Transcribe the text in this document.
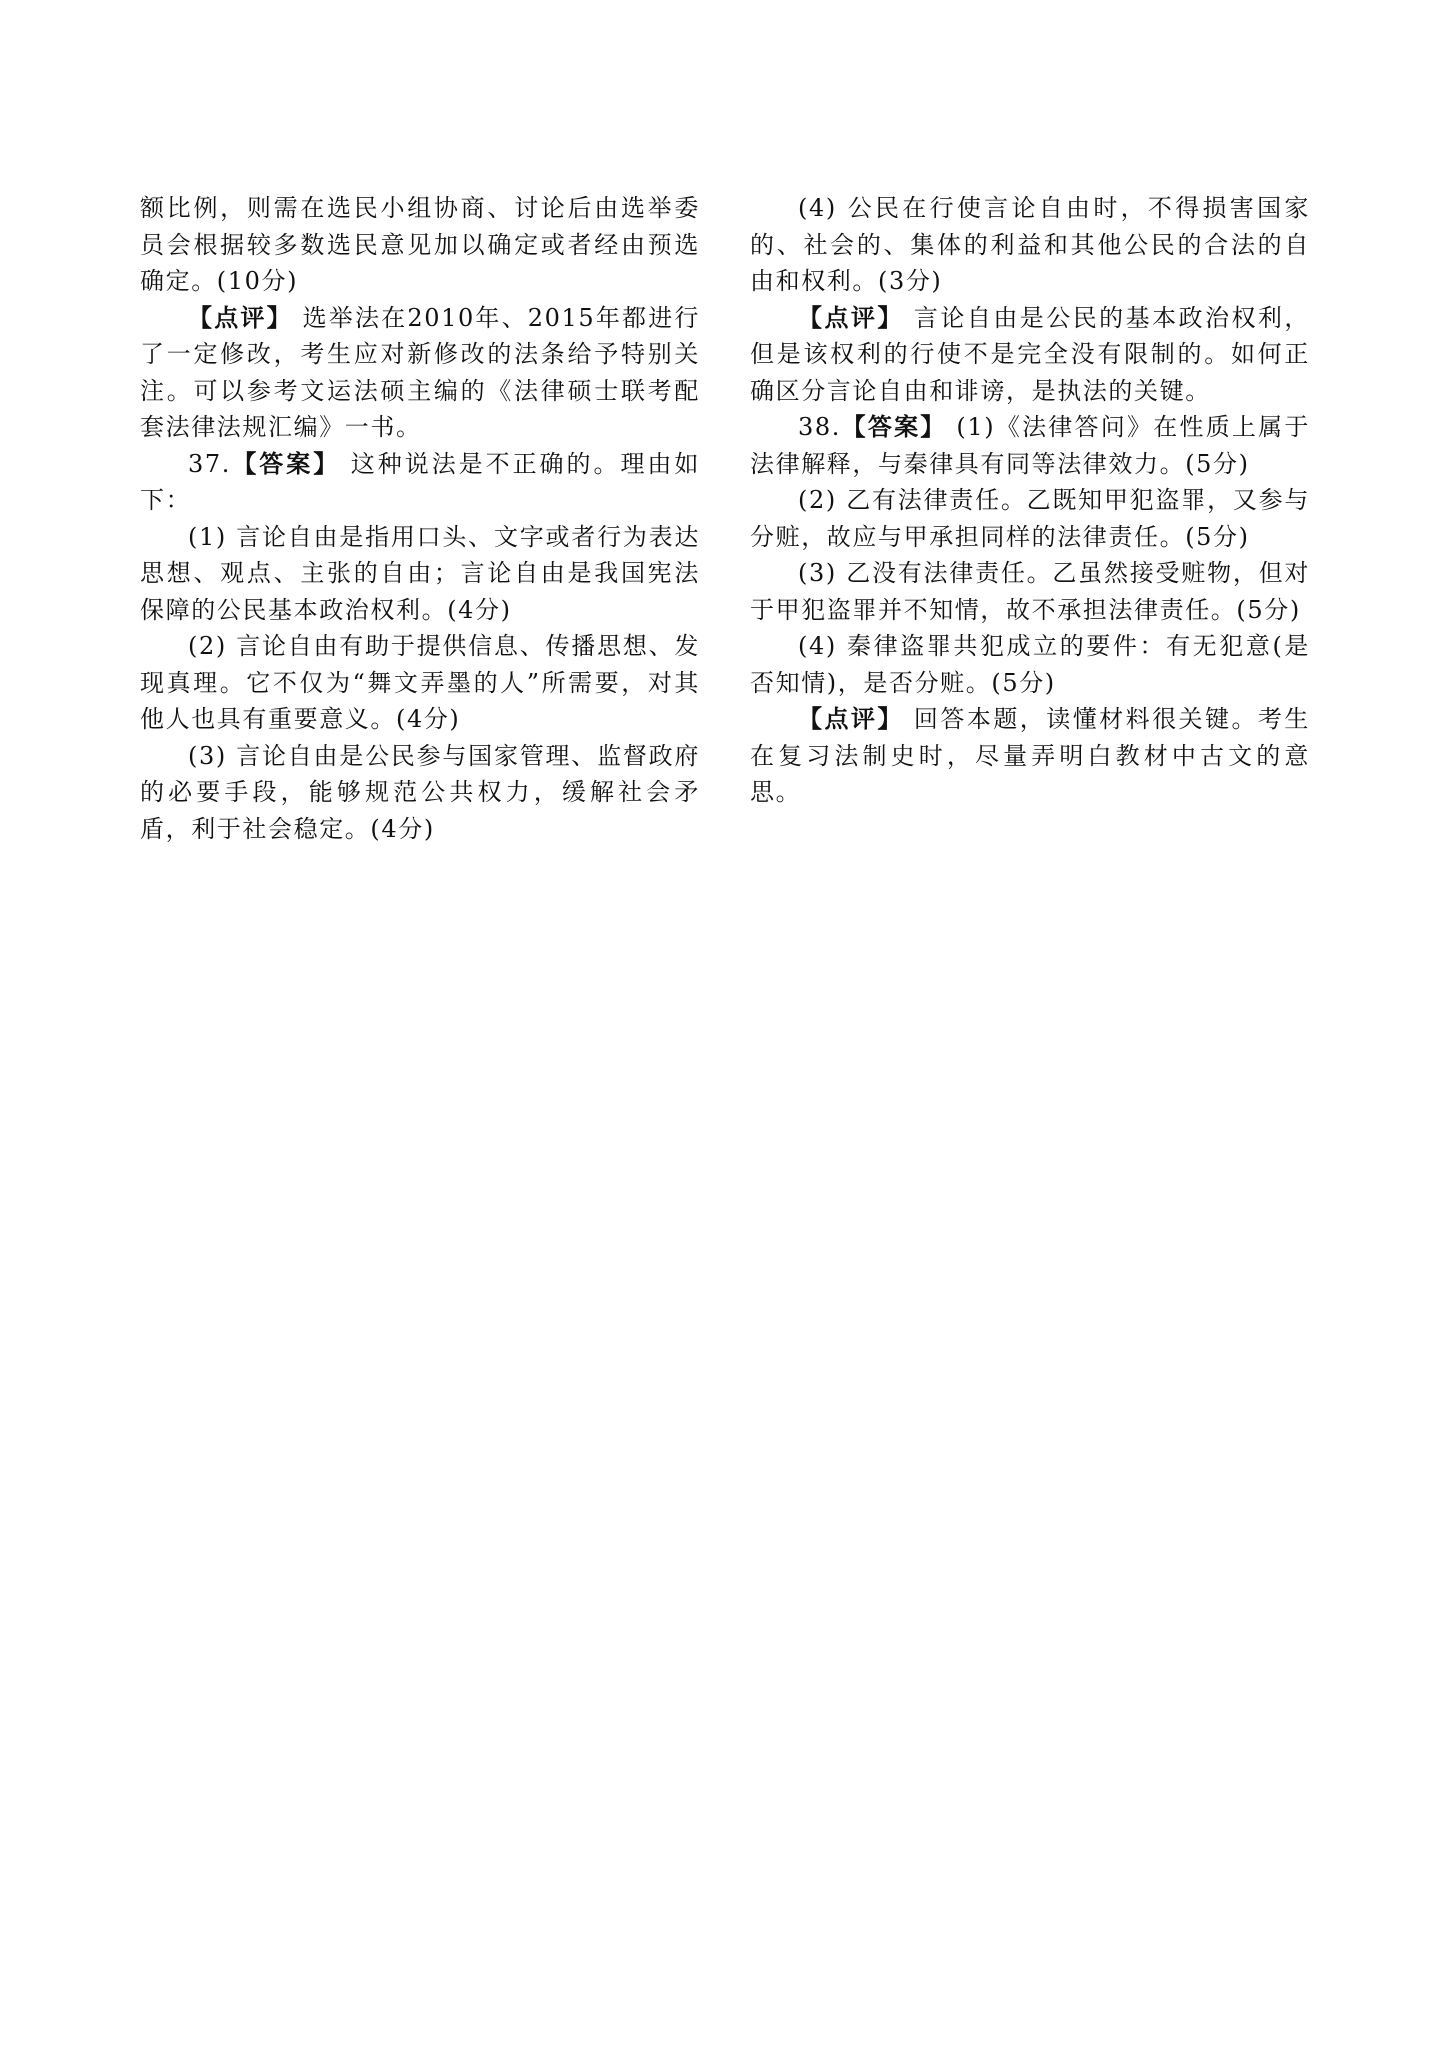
额比例，则需在选民小组协商、讨论后由选举委员会根据较多数选民意见加以确定或者经由预选确定。(10分)

【点评】 选举法在2010年、2015年都进行了一定修改，考生应对新修改的法条给予特别关注。可以参考文运法硕主编的《法律硕士联考配套法律法规汇编》一书。

37.【答案】 这种说法是不正确的。理由如下：

(1) 言论自由是指用口头、文字或者行为表达思想、观点、主张的自由；言论自由是我国宪法保障的公民基本政治权利。(4分)

(2) 言论自由有助于提供信息、传播思想、发现真理。它不仅为“舞文弄墨的人”所需要，对其他人也具有重要意义。(4分)

(3) 言论自由是公民参与国家管理、监督政府的必要手段，能够规范公共权力，缓解社会矛盾，利于社会稳定。(4分)

(4) 公民在行使言论自由时，不得损害国家的、社会的、集体的利益和其他公民的合法的自由和权利。(3分)

【点评】 言论自由是公民的基本政治权利，但是该权利的行使不是完全没有限制的。如何正确区分言论自由和诽谤，是执法的关键。

38.【答案】 (1)《法律答问》在性质上属于法律解释，与秦律具有同等法律效力。(5分)

(2) 乙有法律责任。乙既知甲犯盗罪，又参与分赃，故应与甲承担同样的法律责任。(5分)

(3) 乙没有法律责任。乙虽然接受赃物，但对于甲犯盗罪并不知情，故不承担法律责任。(5分)

(4) 秦律盗罪共犯成立的要件：有无犯意(是否知情)，是否分赃。(5分)

【点评】 回答本题，读懂材料很关键。考生在复习法制史时，尽量弄明白教材中古文的意思。
